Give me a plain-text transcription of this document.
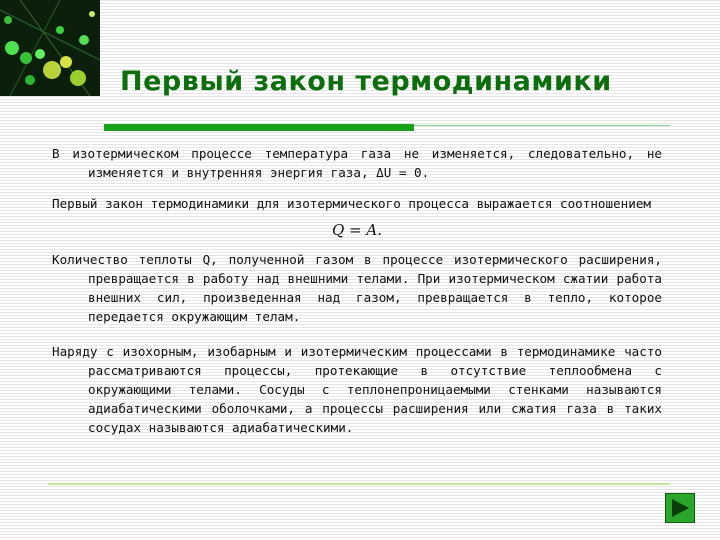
Первый закон термодинамики

В изотермическом процессе температура газа не изменяется, следовательно, не изменяется и внутренняя энергия газа, ΔU = 0.

Первый закон термодинамики для изотермического процесса выражается соотношением

Q = A.

Количество теплоты Q, полученной газом в процессе изотермического расширения, превращается в работу над внешними телами. При изотермическом сжатии работа внешних сил, произведенная над газом, превращается в тепло, которое передается окружающим телам.

Наряду с изохорным, изобарным и изотермическим процессами в термодинамике часто рассматриваются процессы, протекающие в отсутствие теплообмена с окружающими телами. Сосуды с теплонепроницаемыми стенками называются адиабатическими оболочками, а процессы расширения или сжатия газа в таких сосудах называются адиабатическими.
